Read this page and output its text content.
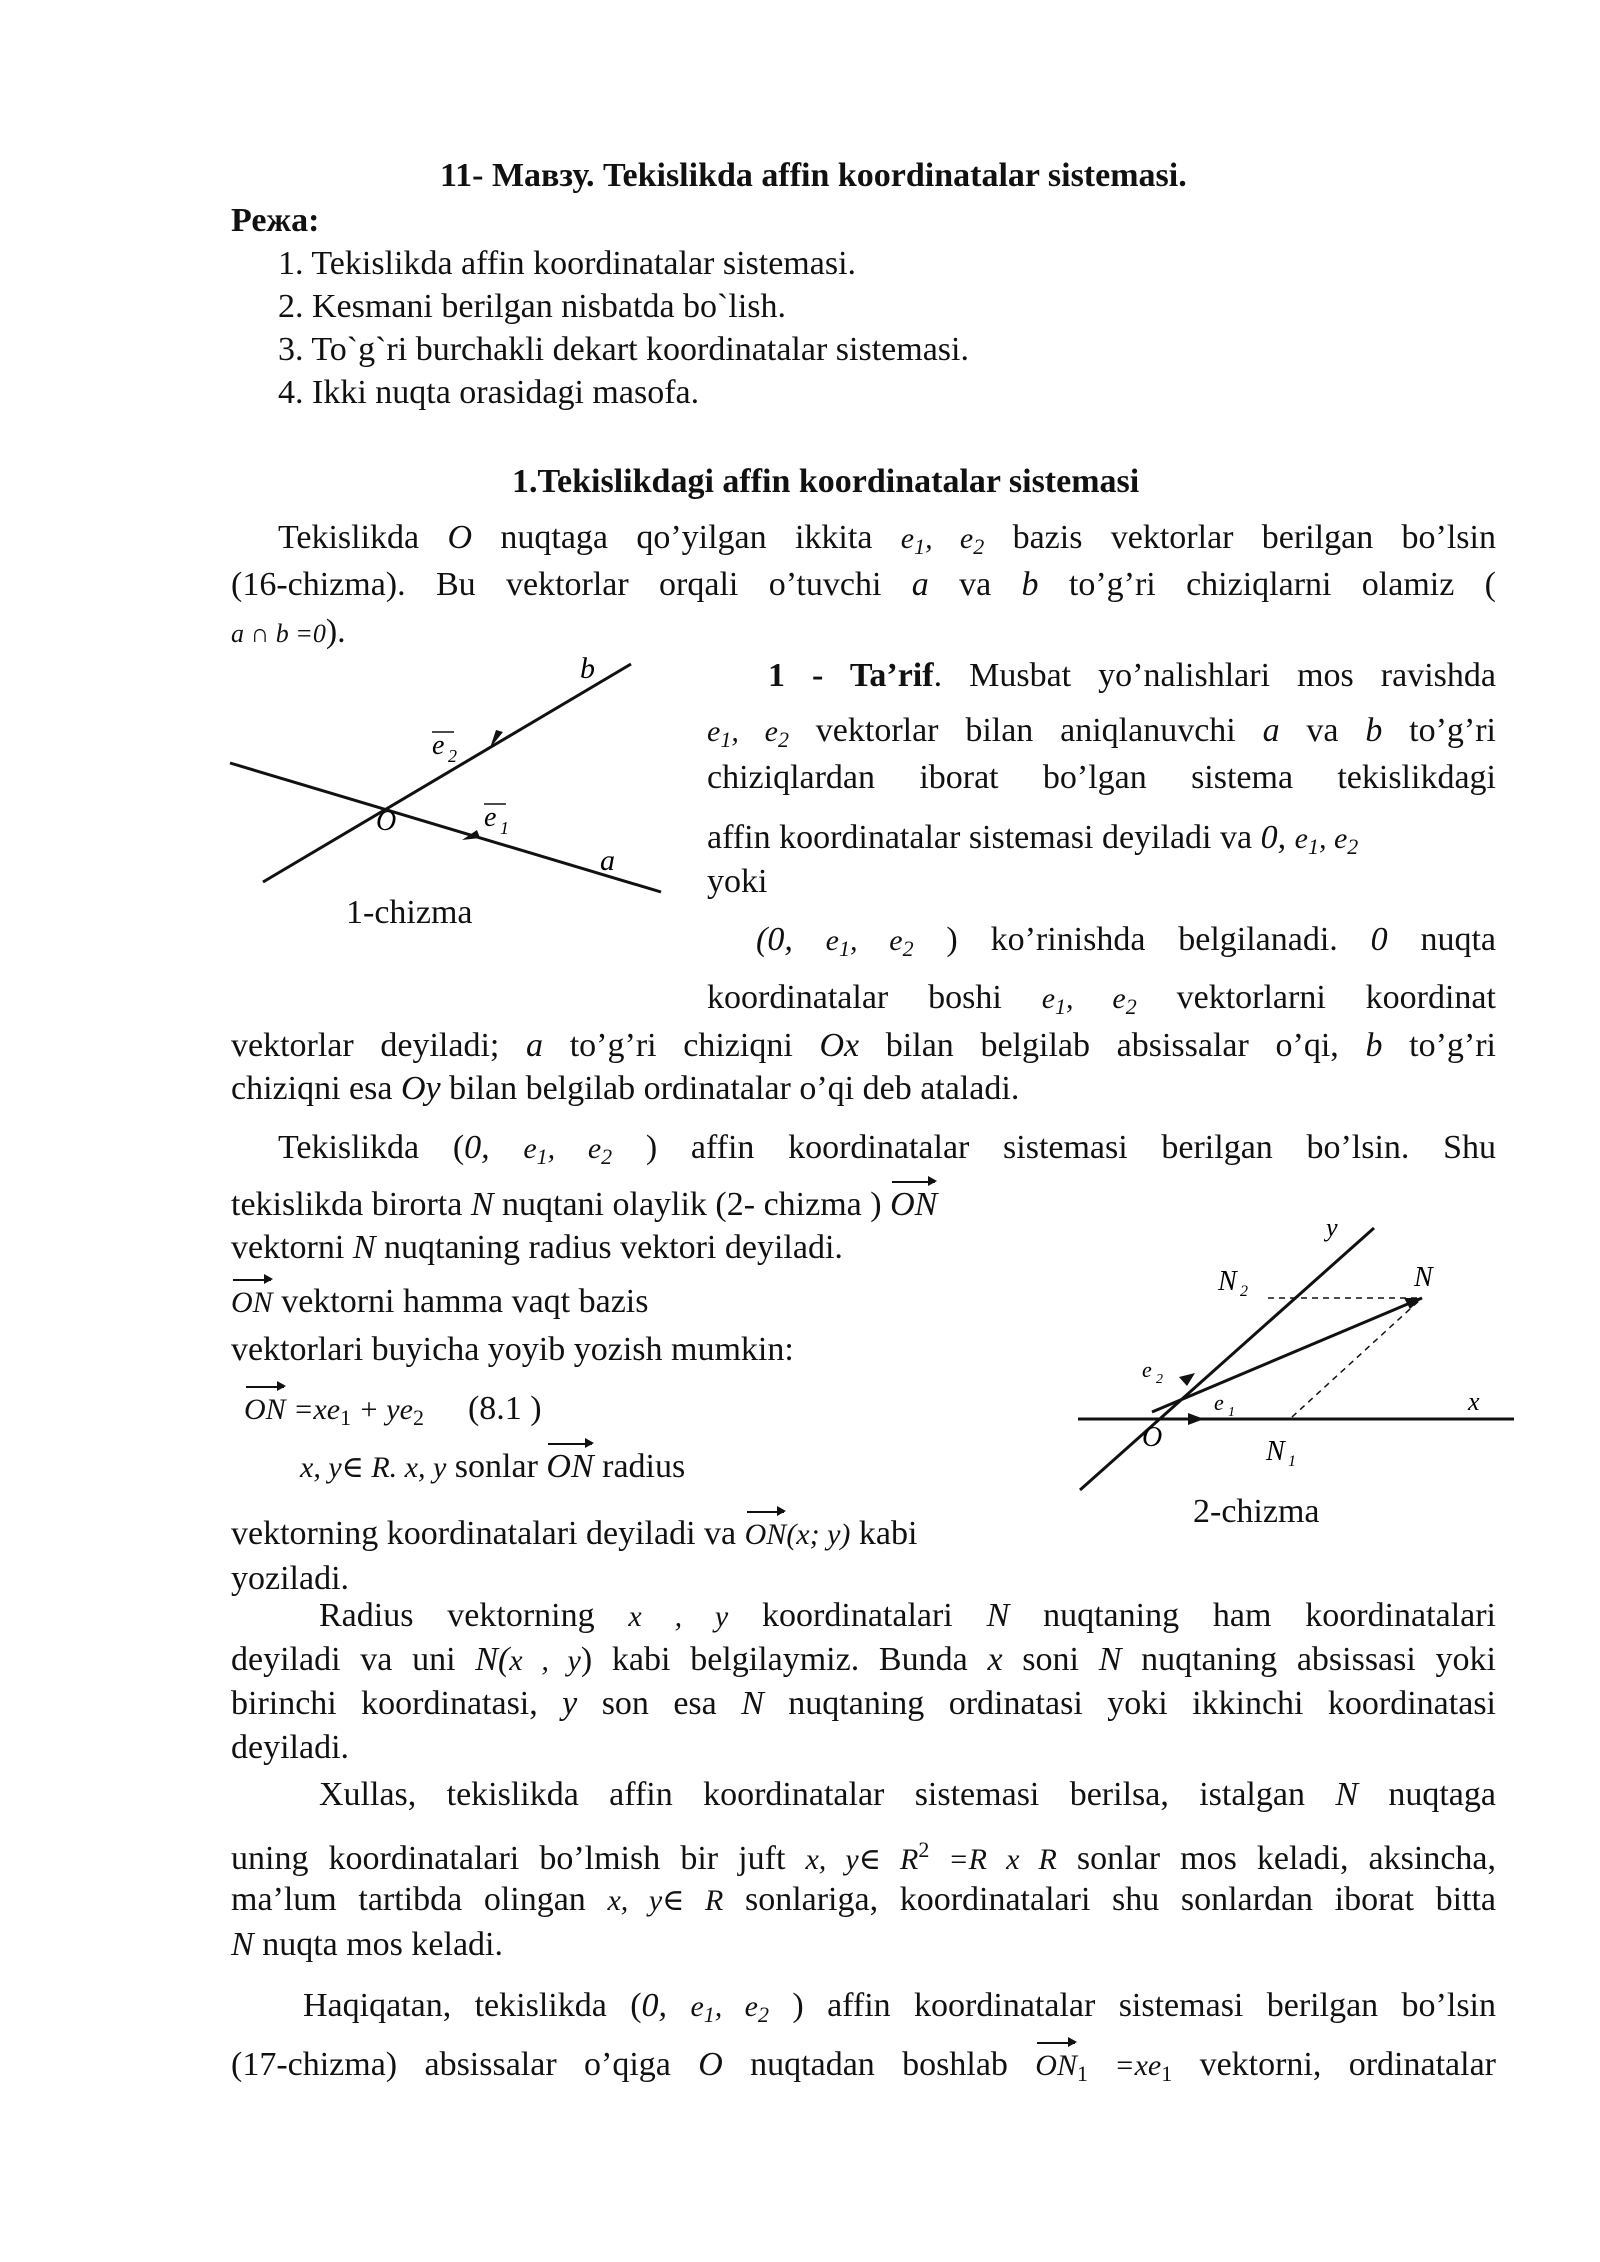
11- Мавзу. Tekislikda affin koordinatalar sistemasi.
Режа:
1. Tekislikda affin koordinatalar sistemasi.
2. Kesmani berilgan nisbatda bo`lish.
3. To`g`ri burchakli dekart koordinatalar sistemasi.
4. Ikki nuqta orasidagi masofa.
1.Tekislikdagi affin koordinatalar sistemasi
Tekislikda O nuqtaga qo’yilgan ikkita $e_1$, $e_2$ bazis vektorlar berilgan bo’lsin
(16-chizma). Bu vektorlar orqali o’tuvchi a va b to’g’ri chiziqlarni olamiz (
a ∩ b =0).
b
a
O
e 2
e 1
1-chizma
1 - Ta’rif. Musbat yo’nalishlari mos ravishda
$e_1$, $e_2$ vektorlar bilan aniqlanuvchi a va b to’g’ri
chiziqlardan iborat bo’lgan sistema tekislikdagi
affin koordinatalar sistemasi deyiladi va 0, $e_1$, $e_2$
yoki
(0, $e_1$, $e_2$ ) ko’rinishda belgilanadi. 0 nuqta
koordinatalar boshi $e_1$, $e_2$ vektorlarni koordinat
vektorlar deyiladi; a to’g’ri chiziqni Ox bilan belgilab absissalar o’qi, b to’g’ri
chiziqni esa Oy bilan belgilab ordinatalar o’qi deb ataladi.
Tekislikda (0, $e_1$, $e_2$ ) affin koordinatalar sistemasi berilgan bo’lsin. Shu
tekislikda birorta N nuqtani olaylik (2- chizma ) ON
vektorni N nuqtaning radius vektori deyiladi.
ON vektorni hamma vaqt bazis
vektorlari buyicha yoyib yozish mumkin:
ON $=xe_1 + ye_2$ (8.1 )
x, y∈ R. x, y sonlar ON radius
vektorning koordinatalari deyiladi va ON(x; y) kabi
yoziladi.
y
x
N
N 2
N 1
O
e 2
e 1
2-chizma
Radius vektorning x , y koordinatalari N nuqtaning ham koordinatalari
deyiladi va uni N(x , y) kabi belgilaymiz. Bunda x soni N nuqtaning absissasi yoki
birinchi koordinatasi, y son esa N nuqtaning ordinatasi yoki ikkinchi koordinatasi
deyiladi.
Xullas, tekislikda affin koordinatalar sistemasi berilsa, istalgan N nuqtaga
uning koordinatalari bo’lmish bir juft x, y∈ $R^2 =R$ x R sonlar mos keladi, aksincha,
ma’lum tartibda olingan x, y∈ R sonlariga, koordinatalari shu sonlardan iborat bitta
N nuqta mos keladi.
Haqiqatan, tekislikda (0, $e_1$, $e_2$ ) affin koordinatalar sistemasi berilgan bo’lsin
(17-chizma) absissalar o’qiga O nuqtadan boshlab $ON_1 =xe_1$ vektorni, ordinatalar
